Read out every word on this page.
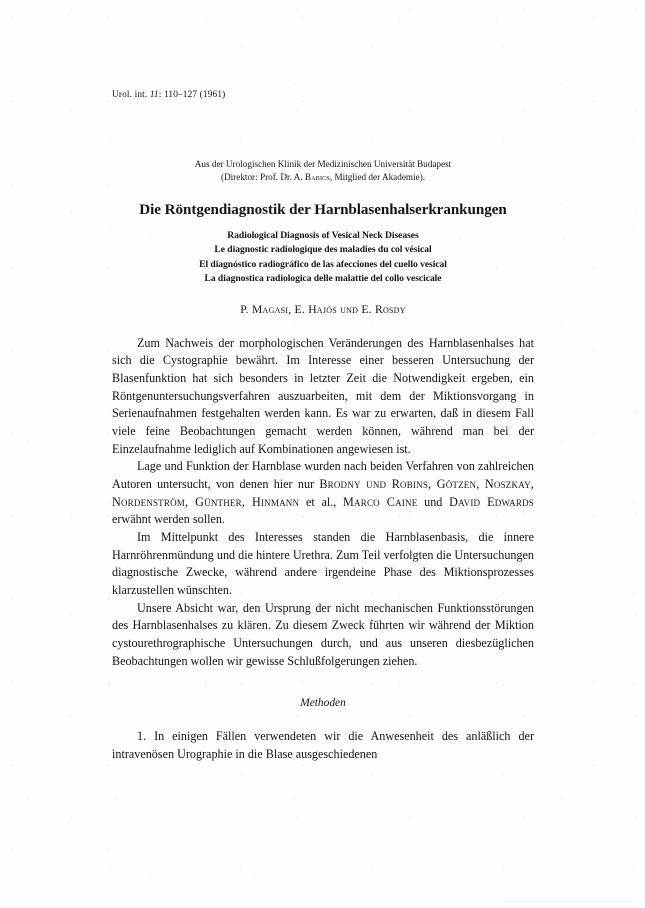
Urol. int. 11: 110–127 (1961)
Aus der Urologischen Klinik der Medizinischen Universität Budapest
(Direktor: Prof. Dr. A. Babics, Mitglied der Akademie).
Die Röntgendiagnostik der Harnblasenhalserkrankungen
Radiological Diagnosis of Vesical Neck Diseases
Le diagnostic radiologique des maladies du col vésical
El diagnóstico radiográfico de las afecciones del cuello vesical
La diagnostica radiologica delle malattie del collo vescicale
P. Magasi, E. Hajós und E. Rosdy

Zum Nachweis der morphologischen Veränderungen des Harnblasenhalses hat sich die Cystographie bewährt. Im Interesse einer besseren Untersuchung der Blasenfunktion hat sich besonders in letzter Zeit die Notwendigkeit ergeben, ein Röntgenuntersuchungsverfahren auszuarbeiten, mit dem der Miktionsvorgang in Serienaufnahmen festgehalten werden kann. Es war zu erwarten, daß in diesem Fall viele feine Beobachtungen gemacht werden können, während man bei der Einzelaufnahme lediglich auf Kombinationen angewiesen ist.

Lage und Funktion der Harnblase wurden nach beiden Verfahren von zahlreichen Autoren untersucht, von denen hier nur Brodny und Robins, Götzen, Noszkay, Nordenström, Günther, Hinmann et al., Marco Caine und David Edwards erwähnt werden sollen.

Im Mittelpunkt des Interesses standen die Harnblasenbasis, die innere Harnröhrenmündung und die hintere Urethra. Zum Teil verfolgten die Untersuchungen diagnostische Zwecke, während andere irgendeine Phase des Miktionsprozesses klarzustellen wünschten.

Unsere Absicht war, den Ursprung der nicht mechanischen Funktionsstörungen des Harnblasenhalses zu klären. Zu diesem Zweck führten wir während der Miktion cystourethrographische Untersuchungen durch, und aus unseren diesbezüglichen Beobachtungen wollen wir gewisse Schlußfolgerungen ziehen.

Methoden

1. In einigen Fällen verwendeten wir die Anwesenheit des anläßlich der intravenösen Urographie in die Blase ausgeschiedenen
